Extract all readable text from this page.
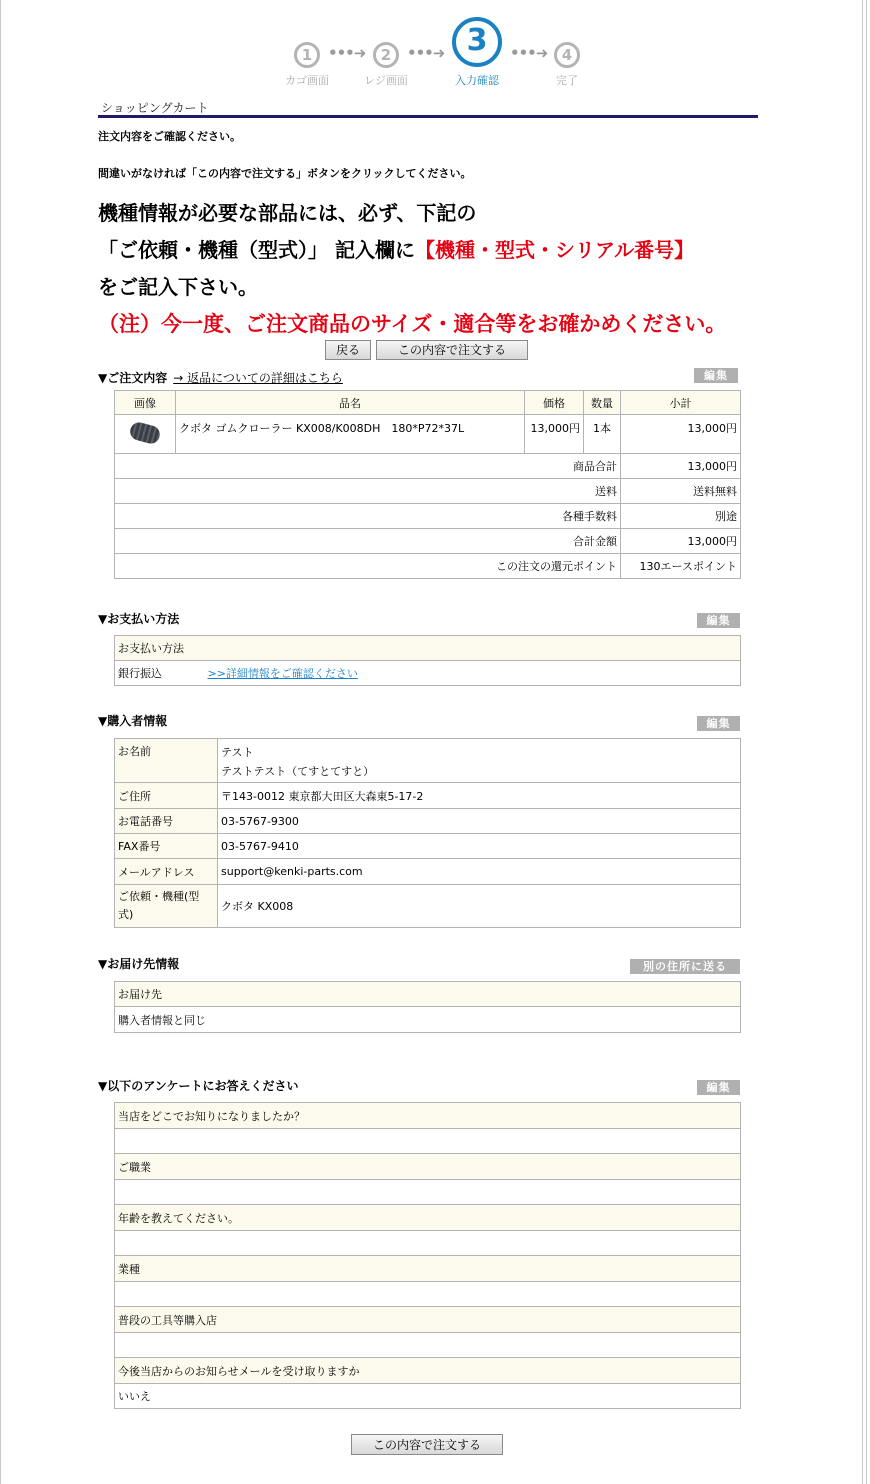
1	•••➜	2	•••➜ 3	•••➜ 4
カゴ画面	レジ画面	入力確認	完了
ショッピングカート
注文内容をご確認ください。
間違いがなければ「この内容で注文する」ボタンをクリックしてください。
機種情報が必要な部品には、必ず、下記の
「ご依頼・機種（型式）」 記入欄に【機種・型式・シリアル番号】
をご記入下さい。
（注）今一度、ご注文商品のサイズ・適合等をお確かめください。
戻る	この内容で注文する
▼ご注文内容 → 返品についての詳細はこちら	編集
画像	品名	価格	数量	小計

	クボタ ゴムクローラー KX008/K008DH　180*P72*37L	13,000円	1本	13,000円
商品合計				13,000円
送料				送料無料
各種手数料				別途
合計金額				13,000円
この注文の還元ポイント				130エースポイント
▼お支払い方法	編集
お支払い方法
銀行振込	>>詳細情報をご確認ください
▼購入者情報	編集
お名前	テスト
テストテスト（てすとてすと）

ご住所	〒143-0012 東京都大田区大森東5-17-2
お電話番号	03-5767-9300
FAX番号	03-5767-9410
メールアドレス	support@kenki-parts.com
ご依頼・機種(型式)	クボタ KX008
▼お届け先情報	別の住所に送る
お届け先
購入者情報と同じ
▼以下のアンケートにお答えください	編集
当店をどこでお知りになりましたか？

ご職業

年齢を教えてください。

業種

普段の工具等購入店

今後当店からのお知らせメールを受け取りますか
いいえ
この内容で注文する
